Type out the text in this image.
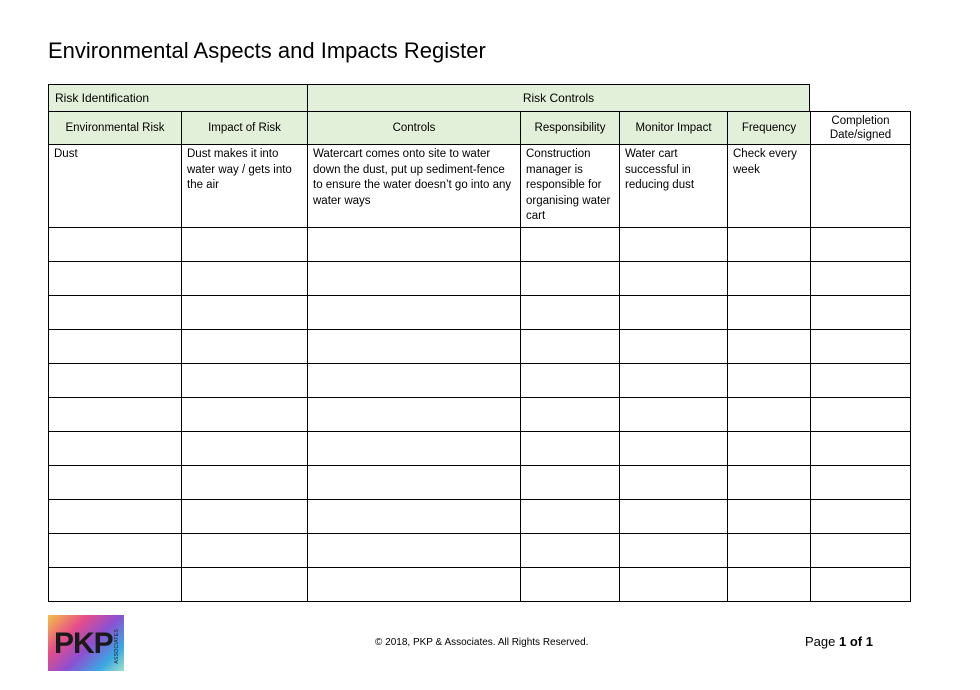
Environmental Aspects and Impacts Register
Risk Identification	Risk Controls
Environmental Risk	Impact of Risk	Controls	Responsibility	Monitor Impact	Frequency	Completion Date/signed
Dust	Dust makes it into water way / gets into the air	Watercart comes onto site to water down the dust, put up sediment-fence to ensure the water doesn’t go into any water ways	Construction manager is responsible for organising water cart	Water cart successful in reducing dust	Check every week	

PKP ASSOCIATES	© 2018, PKP & Associates. All Rights Reserved.	Page 1 of 1
